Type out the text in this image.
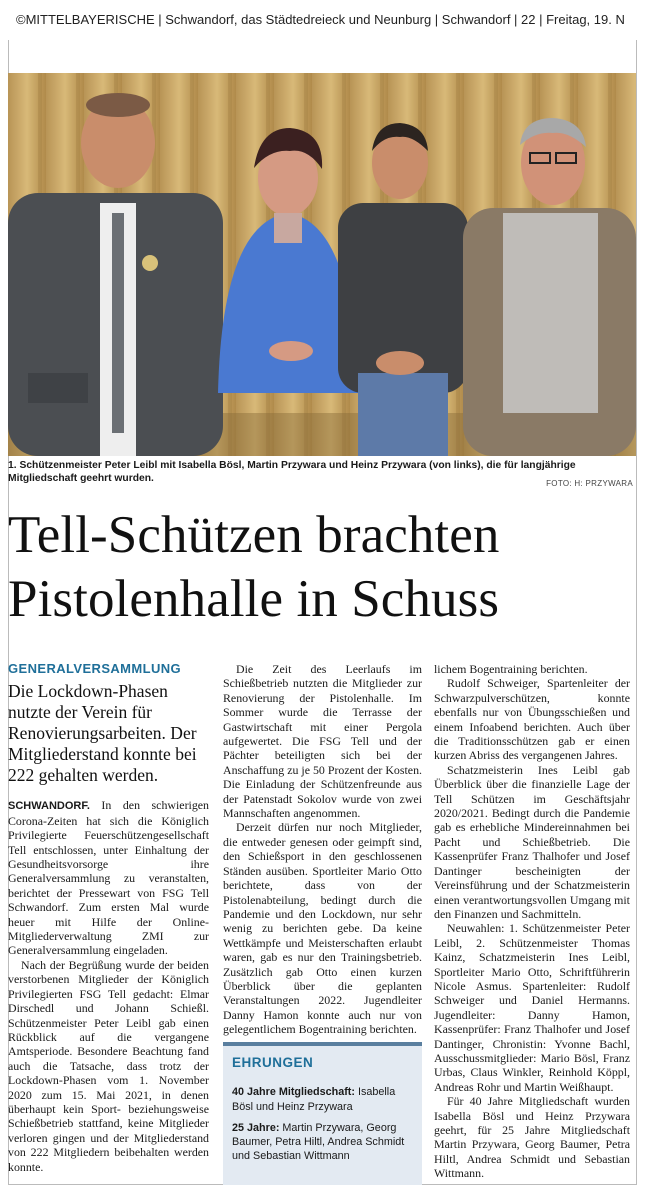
©MITTELBAYERISCHE | Schwandorf, das Städtedreieck und Neunburg | Schwandorf | 22 | Freitag, 19. N
1. Schützenmeister Peter Leibl mit Isabella Bösl, Martin Przywara und Heinz Przywara (von links), die für langjährige Mitgliedschaft geehrt wurden.	FOTO: H: PRZYWARA
Tell-Schützen brachten
Pistolenhalle in Schuss
GENERALVERSAMMLUNG
Die Lockdown-Phasen nutzte der Verein für Renovierungsarbeiten. Der Mitgliederstand konnte bei 222 gehalten werden.

SCHWANDORF. In den schwierigen Corona-Zeiten hat sich die Königlich Privilegierte Feuerschützengesellschaft Tell entschlossen, unter Einhaltung der Gesundheitsvorsorge ihre Generalversammlung zu veranstalten, berichtet der Pressewart von FSG Tell Schwandorf. Zum ersten Mal wurde heuer mit Hilfe der Online-Mitgliederverwaltung ZMI zur Generalversammlung eingeladen.

Nach der Begrüßung wurde der beiden verstorbenen Mitglieder der Königlich Privilegierten FSG Tell gedacht: Elmar Dirschedl und Johann Schießl. Schützenmeister Peter Leibl gab einen Rückblick auf die vergangene Amtsperiode. Besondere Beachtung fand auch die Tatsache, dass trotz der Lockdown-Phasen vom 1. November 2020 zum 15. Mai 2021, in denen überhaupt kein Sport- beziehungsweise Schießbetrieb stattfand, keine Mitglieder verloren gingen und der Mitgliederstand von 222 Mitgliedern beibehalten werden konnte.

Die Zeit des Leerlaufs im Schießbetrieb nutzten die Mitglieder zur Renovierung der Pistolenhalle. Im Sommer wurde die Terrasse der Gastwirtschaft mit einer Pergola aufgewertet. Die FSG Tell und der Pächter beteiligten sich bei der Anschaffung zu je 50 Prozent der Kosten. Die Einladung der Schützenfreunde aus der Patenstadt Sokolov wurde von zwei Mannschaften angenommen.

Derzeit dürfen nur noch Mitglieder, die entweder genesen oder geimpft sind, den Schießsport in den geschlossenen Ständen ausüben. Sportleiter Mario Otto berichtete, dass von der Pistolenabteilung, bedingt durch die Pandemie und den Lockdown, nur sehr wenig zu berichten gebe. Da keine Wettkämpfe und Meisterschaften erlaubt waren, gab es nur den Trainingsbetrieb. Zusätzlich gab Otto einen kurzen Überblick über die geplanten Veranstaltungen 2022. Jugendleiter Danny Hamon konnte auch nur von gelegentlichem Bogentraining berichten.

EHRUNGEN
40 Jahre Mitgliedschaft: Isabella Bösl und Heinz Przywara
25 Jahre: Martin Przywara, Georg Baumer, Petra Hiltl, Andrea Schmidt und Sebastian Wittmann

lichem Bogentraining berichten.

Rudolf Schweiger, Spartenleiter der Schwarzpulverschützen, konnte ebenfalls nur von Übungsschießen und einem Infoabend berichten. Auch über die Traditionsschützen gab er einen kurzen Abriss des vergangenen Jahres.

Schatzmeisterin Ines Leibl gab Überblick über die finanzielle Lage der Tell Schützen im Geschäftsjahr 2020/2021. Bedingt durch die Pandemie gab es erhebliche Mindereinnahmen bei Pacht und Schießbetrieb. Die Kassenprüfer Franz Thalhofer und Josef Dantinger bescheinigten der Vereinsführung und der Schatzmeisterin einen verantwortungsvollen Umgang mit den Finanzen und Sachmitteln.

Neuwahlen: 1. Schützenmeister Peter Leibl, 2. Schützenmeister Thomas Kainz, Schatzmeisterin Ines Leibl, Sportleiter Mario Otto, Schriftführerin Nicole Asmus. Spartenleiter: Rudolf Schweiger und Daniel Hermanns. Jugendleiter: Danny Hamon, Kassenprüfer: Franz Thalhofer und Josef Dantinger, Chronistin: Yvonne Bachl, Ausschussmitglieder: Mario Bösl, Franz Urbas, Claus Winkler, Reinhold Köppl, Andreas Rohr und Martin Weißhaupt.

Für 40 Jahre Mitgliedschaft wurden Isabella Bösl und Heinz Przywara geehrt, für 25 Jahre Mitgliedschaft Martin Przywara, Georg Baumer, Petra Hiltl, Andrea Schmidt und Sebastian Wittmann.
